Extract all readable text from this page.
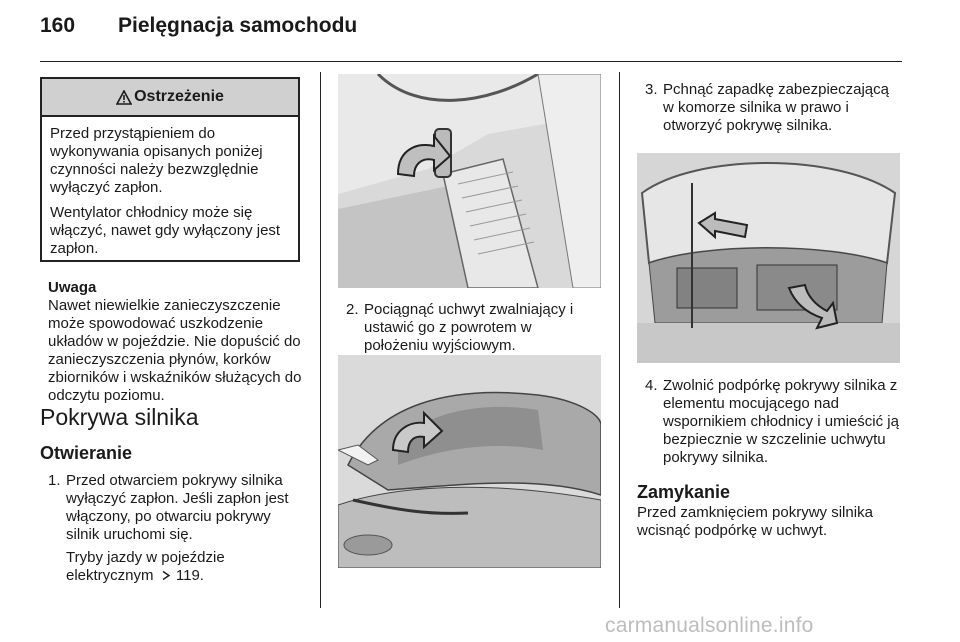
160 Pielęgnacja samochodu
Ostrzeżenie

Przed przystąpieniem do wykonywania opisanych poniżej czynności należy bezwzględnie wyłączyć zapłon.

Wentylator chłodnicy może się włączyć, nawet gdy wyłączony jest zapłon.

Uwaga
Nawet niewielkie zanieczyszczenie może spowodować uszkodzenie układów w pojeździe. Nie dopuścić do zanieczyszczenia płynów, korków zbiorników i wskaźników służących do odczytu poziomu.
Pokrywa silnika
Otwieranie
1. Przed otwarciem pokrywy silnika wyłączyć zapłon. Jeśli zapłon jest włączony, po otwarciu pokrywy silnik uruchomi się.
Tryby jazdy w pojeździe elektrycznym 119.
2. Pociągnąć uchwyt zwalniający i ustawić go z powrotem w położeniu wyjściowym.
3. Pchnąć zapadkę zabezpieczającą w komorze silnika w prawo i otworzyć pokrywę silnika.
4. Zwolnić podpórkę pokrywy silnika z elementu mocującego nad wspornikiem chłodnicy i umieścić ją bezpiecznie w szczelinie uchwytu pokrywy silnika.
Zamykanie
Przed zamknięciem pokrywy silnika wcisnąć podpórkę w uchwyt.
carmanualsonline.info
